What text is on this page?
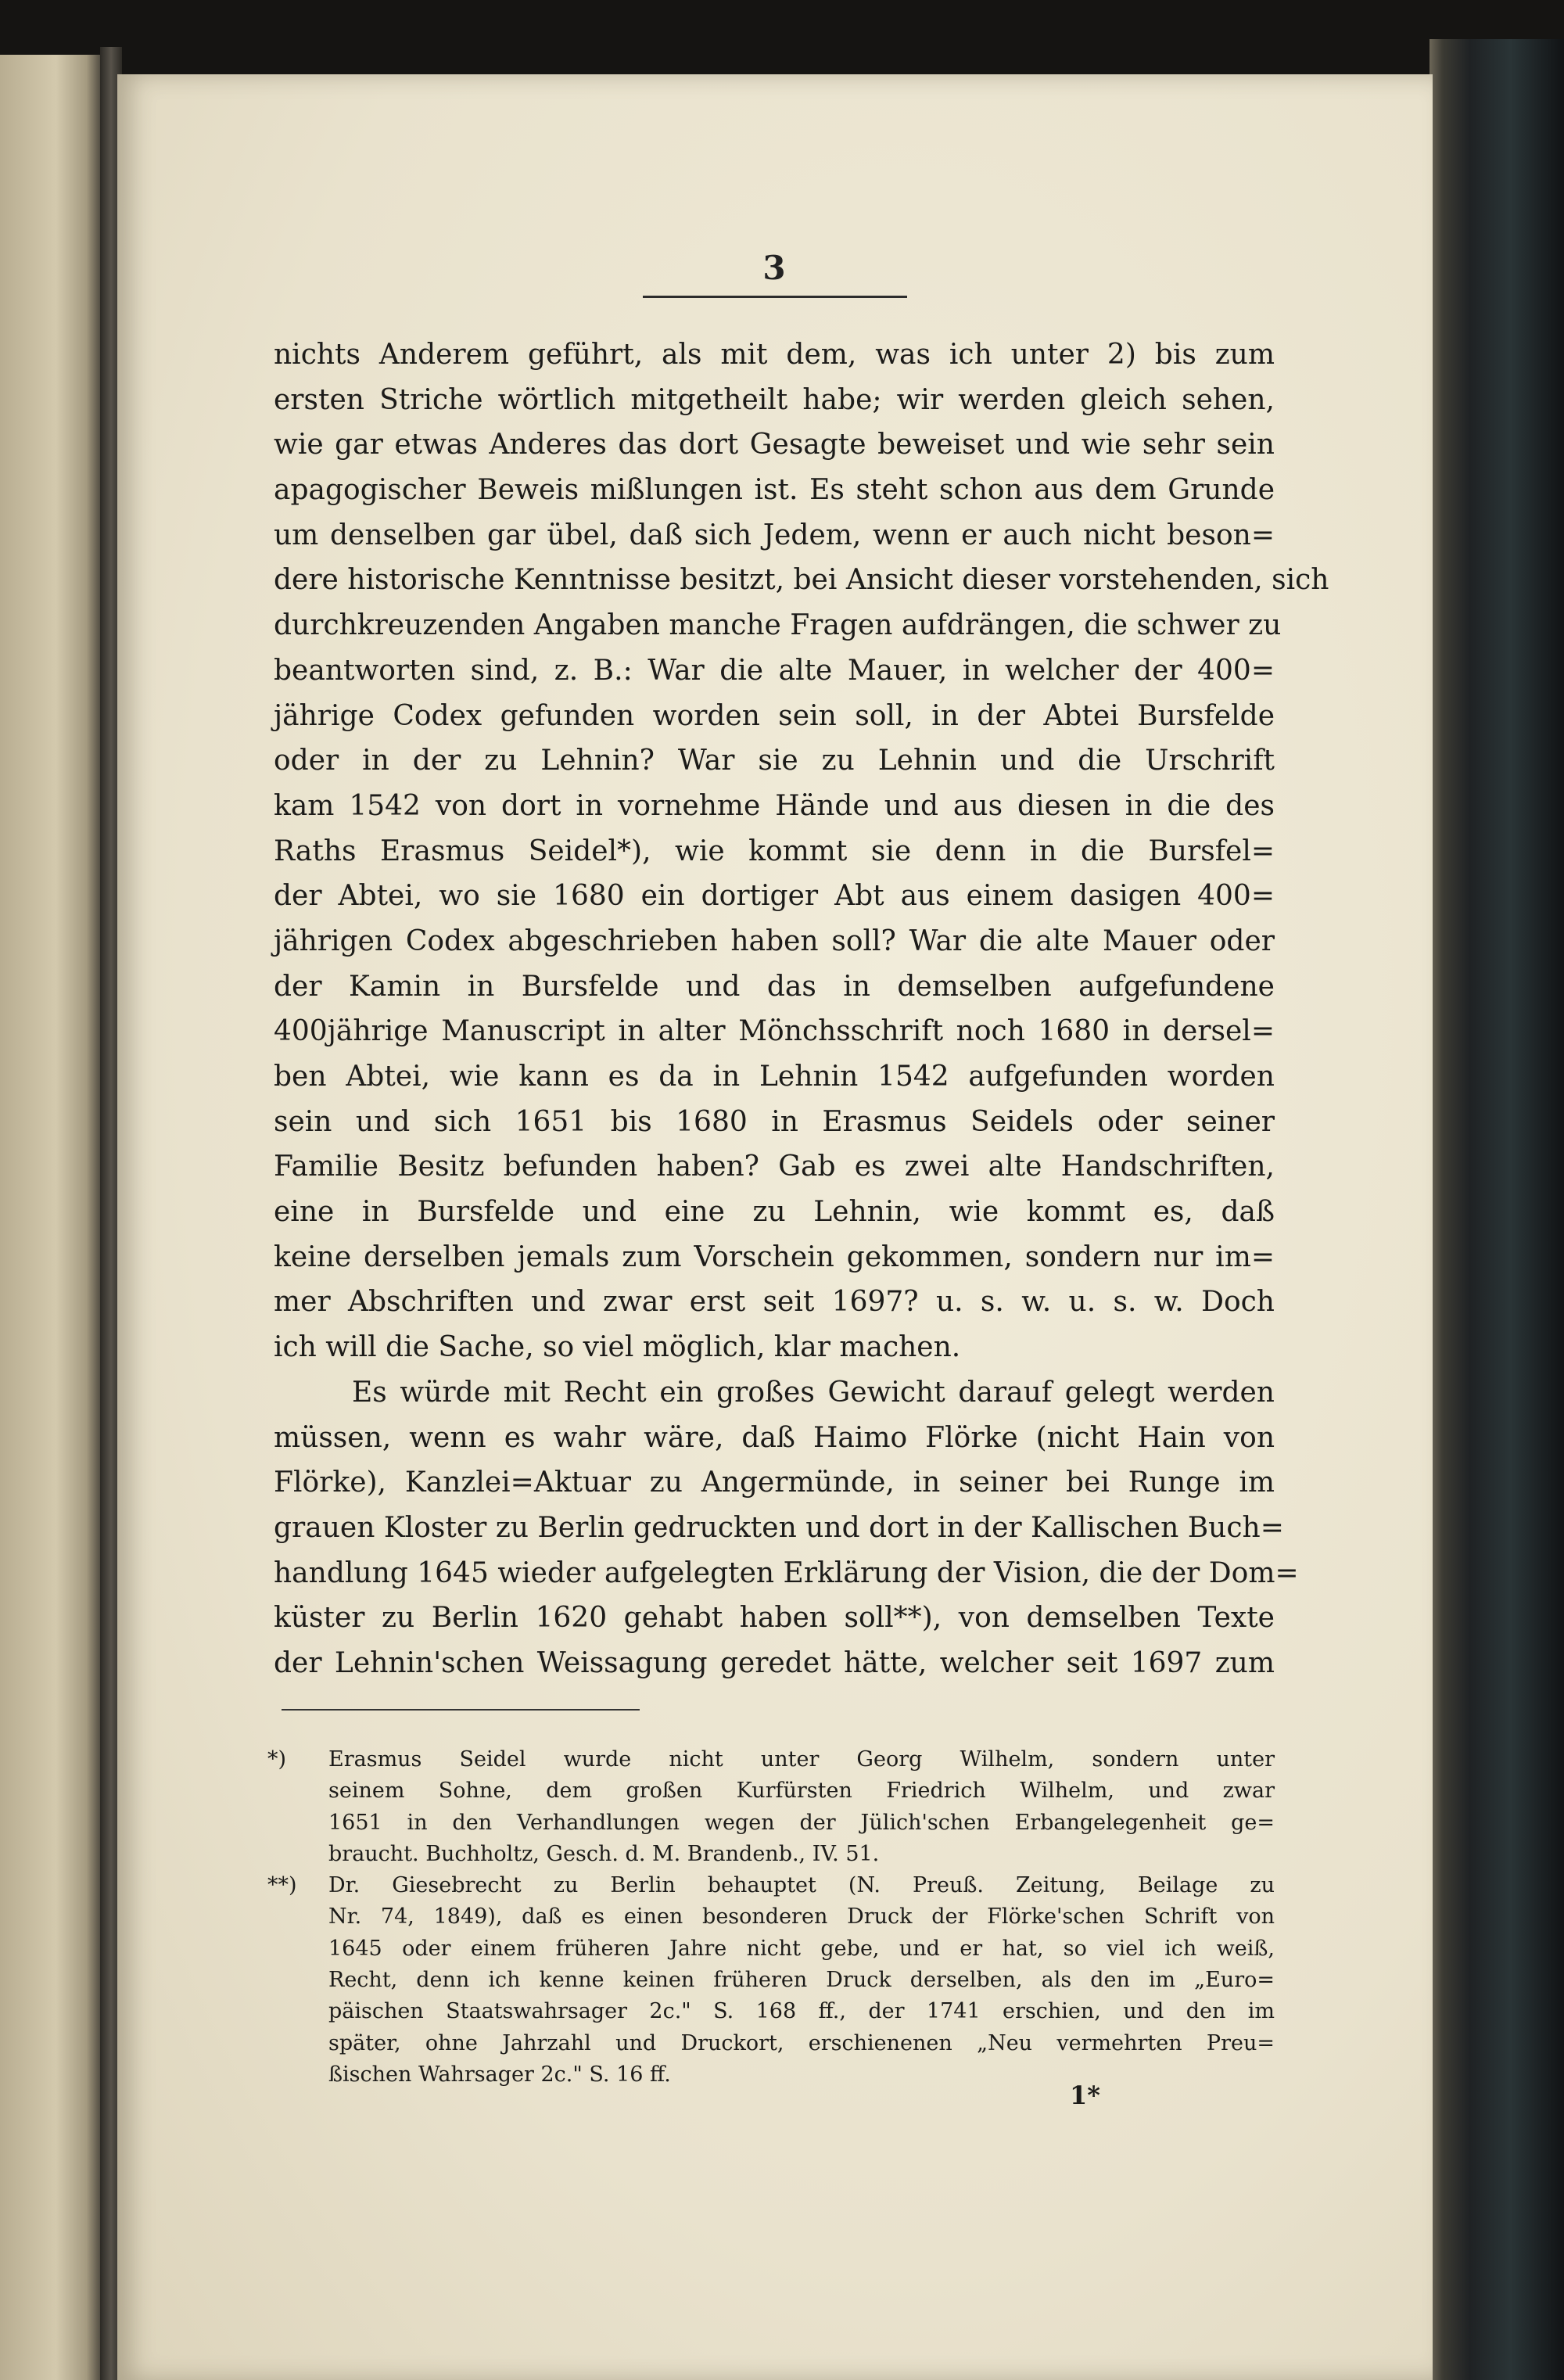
3
nichts Anderem geführt, als mit dem, was ich unter 2) bis zum
ersten Striche wörtlich mitgetheilt habe; wir werden gleich sehen,
wie gar etwas Anderes das dort Gesagte beweiset und wie sehr sein
apagogischer Beweis mißlungen ist. Es steht schon aus dem Grunde
um denselben gar übel, daß sich Jedem, wenn er auch nicht beson=
dere historische Kenntnisse besitzt, bei Ansicht dieser vorstehenden, sich
durchkreuzenden Angaben manche Fragen aufdrängen, die schwer zu
beantworten sind, z. B.: War die alte Mauer, in welcher der 400=
jährige Codex gefunden worden sein soll, in der Abtei Bursfelde
oder in der zu Lehnin? War sie zu Lehnin und die Urschrift
kam 1542 von dort in vornehme Hände und aus diesen in die des
Raths Erasmus Seidel*), wie kommt sie denn in die Bursfel=
der Abtei, wo sie 1680 ein dortiger Abt aus einem dasigen 400=
jährigen Codex abgeschrieben haben soll? War die alte Mauer oder
der Kamin in Bursfelde und das in demselben aufgefundene
400jährige Manuscript in alter Mönchsschrift noch 1680 in dersel=
ben Abtei, wie kann es da in Lehnin 1542 aufgefunden worden
sein und sich 1651 bis 1680 in Erasmus Seidels oder seiner
Familie Besitz befunden haben? Gab es zwei alte Handschriften,
eine in Bursfelde und eine zu Lehnin, wie kommt es, daß
keine derselben jemals zum Vorschein gekommen, sondern nur im=
mer Abschriften und zwar erst seit 1697? u. s. w. u. s. w. Doch
ich will die Sache, so viel möglich, klar machen.
Es würde mit Recht ein großes Gewicht darauf gelegt werden
müssen, wenn es wahr wäre, daß Haimo Flörke (nicht Hain von
Flörke), Kanzlei=Aktuar zu Angermünde, in seiner bei Runge im
grauen Kloster zu Berlin gedruckten und dort in der Kallischen Buch=
handlung 1645 wieder aufgelegten Erklärung der Vision, die der Dom=
küster zu Berlin 1620 gehabt haben soll**), von demselben Texte
der Lehnin'schen Weissagung geredet hätte, welcher seit 1697 zum
*) Erasmus Seidel wurde nicht unter Georg Wilhelm, sondern unter
seinem Sohne, dem großen Kurfürsten Friedrich Wilhelm, und zwar
1651 in den Verhandlungen wegen der Jülich'schen Erbangelegenheit ge=
braucht. Buchholtz, Gesch. d. M. Brandenb., IV. 51.
**) Dr. Giesebrecht zu Berlin behauptet (N. Preuß. Zeitung, Beilage zu
Nr. 74, 1849), daß es einen besonderen Druck der Flörke'schen Schrift von
1645 oder einem früheren Jahre nicht gebe, und er hat, so viel ich weiß,
Recht, denn ich kenne keinen früheren Druck derselben, als den im „Euro=
päischen Staatswahrsager 2c." S. 168 ff., der 1741 erschien, und den im
später, ohne Jahrzahl und Druckort, erschienenen „Neu vermehrten Preu=
ßischen Wahrsager 2c." S. 16 ff.
1*
